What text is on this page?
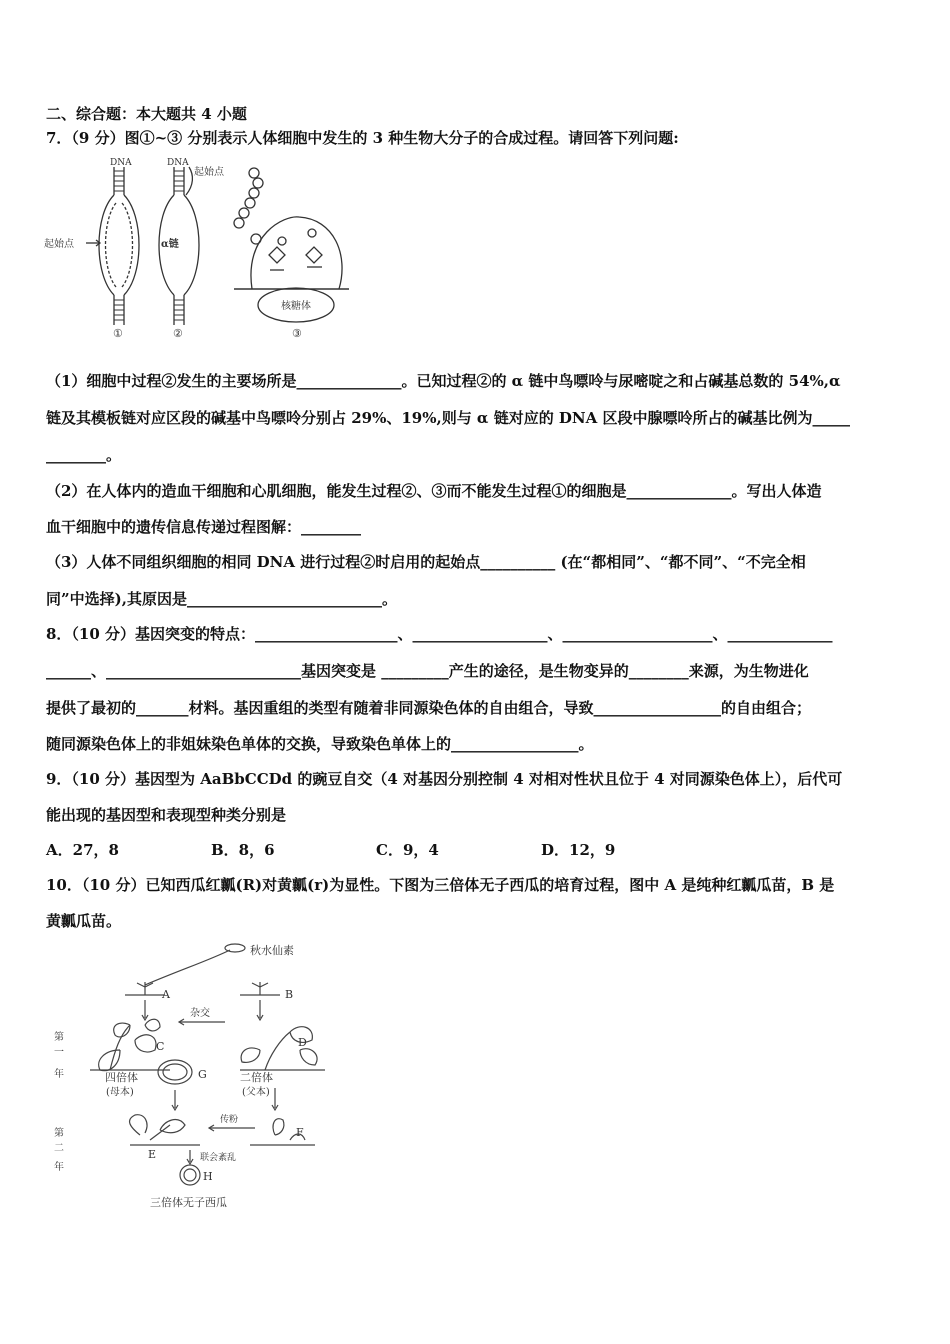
二、综合题：本大题共 4 小题
7．（9 分）图①~③ 分别表示人体细胞中发生的 3 种生物大分子的合成过程。请回答下列问题:
DNA	DNA
起始点
起始点
α链
核糖体
①	②	③
（1）细胞中过程②发生的主要场所是______________。已知过程②的 α 链中鸟嘌呤与尿嘧啶之和占碱基总数的 54%,α
链及其模板链对应区段的碱基中鸟嘌呤分别占 29%、19%,则与 α 链对应的 DNA 区段中腺嘌呤所占的碱基比例为_____
________。
（2）在人体内的造血干细胞和心肌细胞，能发生过程②、③而不能发生过程①的细胞是______________。写出人体造
血干细胞中的遗传信息传递过程图解：________
（3）人体不同组织细胞的相同 DNA 进行过程②时启用的起始点__________ (在“都相同”、“都不同”、“不完全相
同”中选择),其原因是__________________________。
8．（10 分）基因突变的特点：___________________、__________________、____________________、______________
______、__________________________基因突变是 _________产生的途径，是生物变异的________来源，为生物进化
提供了最初的_______材料。基因重组的类型有随着非同源染色体的自由组合，导致_________________的自由组合；
随同源染色体上的非姐妹染色单体的交换，导致染色单体上的_________________。
9．（10 分）基因型为 AaBbCCDd 的豌豆自交（4 对基因分别控制 4 对相对性状且位于 4 对同源染色体上），后代可
能出现的基因型和表现型种类分别是
A．27，8	B．8，6	C．9，4	D．12，9
10．（10 分）已知西瓜红瓤(R)对黄瓤(r)为显性。下图为三倍体无子西瓜的培育过程，图中 A 是纯种红瓤瓜苗，B 是
黄瓤瓜苗。
秋水仙素
A	B
杂交
C	D
四倍体
(母本)
二倍体
(父本)
G
第
一
年
第
二
年
传粉
联会紊乱
E
F
H
三倍体无子西瓜
